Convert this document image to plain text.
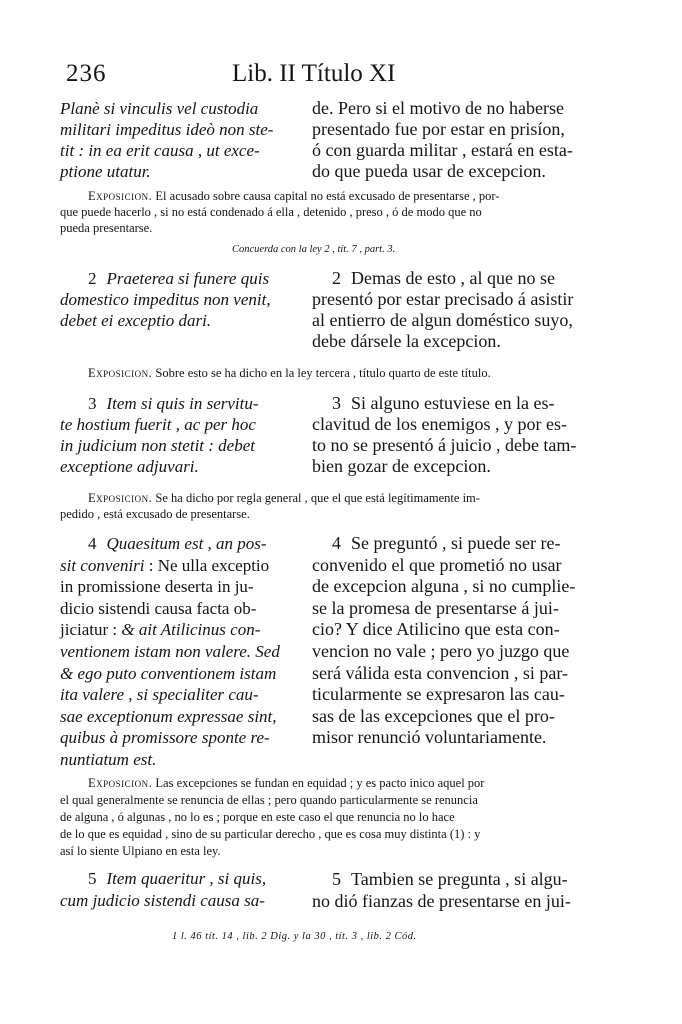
236	Lib. II Título XI
Planè si vinculis vel custodia
militari impeditus ideò non ste-
tit : in ea erit causa , ut exce-
ptione utatur.
de. Pero si el motivo de no haberse
presentado fue por estar en prisíon,
ó con guarda militar , estará en esta-
do que pueda usar de excepcion.
Exposicion. El acusado sobre causa capital no está excusado de presentarse , por-
que puede hacerlo , si no está condenado á ella , detenido , preso , ó de modo que no
pueda presentarse.
Concuerda con la ley 2 , tít. 7 , part. 3.
2 Praeterea si funere quis
domestico impeditus non venit,
debet ei exceptio dari.
2 Demas de esto , al que no se
presentó por estar precisado á asistir
al entierro de algun doméstico suyo,
debe dársele la excepcion.
Exposicion. Sobre esto se ha dicho en la ley tercera , título quarto de este título.
3 Item si quis in servitu-
te hostium fuerit , ac per hoc
in judicium non stetit : debet
exceptione adjuvari.
3 Si alguno estuviese en la es-
clavitud de los enemigos , y por es-
to no se presentó á juicio , debe tam-
bien gozar de excepcion.
Exposicion. Se ha dicho por regla general , que el que está legítimamente im-
pedido , está excusado de presentarse.
4 Quaesitum est , an pos-
sit conveniri : Ne ulla exceptio
in promissione deserta in ju-
dicio sistendi causa facta ob-
jiciatur : & ait Atilicinus con-
ventionem istam non valere. Sed
& ego puto conventionem istam
ita valere , si specialiter cau-
sae exceptionum expressae sint,
quibus à promissore sponte re-
nuntiatum est.
4 Se preguntó , si puede ser re-
convenido el que prometió no usar
de excepcion alguna , si no cumplie-
se la promesa de presentarse á jui-
cio? Y dice Atilicino que esta con-
vencion no vale ; pero yo juzgo que
será válida esta convencion , si par-
ticularmente se expresaron las cau-
sas de las excepciones que el pro-
misor renunció voluntariamente.
Exposicion. Las excepciones se fundan en equidad ; y es pacto inico aquel por
el qual generalmente se renuncia de ellas ; pero quando particularmente se renuncia
de alguna , ó algunas , no lo es ; porque en este caso el que renuncia no lo hace
de lo que es equidad , sino de su particular derecho , que es cosa muy distinta (1) : y
así lo siente Ulpiano en esta ley.
5 Item quaeritur , si quis,
cum judicio sistendi causa sa-
5 Tambien se pregunta , si algu-
no dió fianzas de presentarse en jui-
1 l. 46 tít. 14 , lib. 2 Dig. y la 30 , tít. 3 , lib. 2 Cód.
